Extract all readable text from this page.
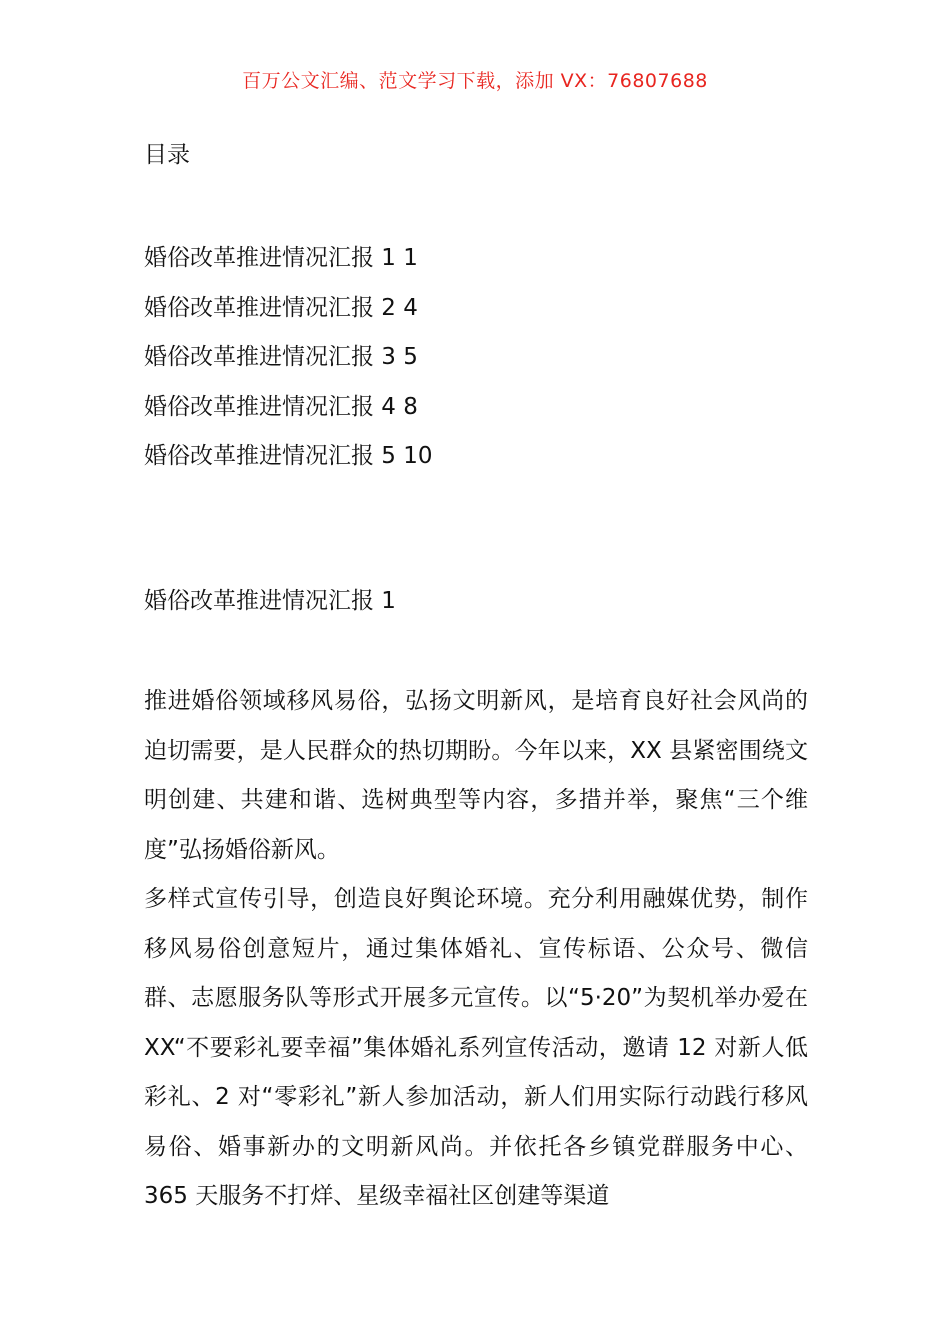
百万公文汇编、范文学习下载，添加 VX：76807688
目录
婚俗改革推进情况汇报 1 1
婚俗改革推进情况汇报 2 4
婚俗改革推进情况汇报 3 5
婚俗改革推进情况汇报 4 8
婚俗改革推进情况汇报 5 10
婚俗改革推进情况汇报 1

推进婚俗领域移风易俗，弘扬文明新风，是培育良好社会风尚的迫切需要，是人民群众的热切期盼。今年以来，XX 县紧密围绕文明创建、共建和谐、选树典型等内容，多措并举，聚焦“三个维度”弘扬婚俗新风。

多样式宣传引导，创造良好舆论环境。充分利用融媒优势，制作移风易俗创意短片，通过集体婚礼、宣传标语、公众号、微信群、志愿服务队等形式开展多元宣传。以“5·20”为契机举办爱在 XX“不要彩礼要幸福”集体婚礼系列宣传活动，邀请 12 对新人低彩礼、2 对“零彩礼”新人参加活动，新人们用实际行动践行移风易俗、婚事新办的文明新风尚。并依托各乡镇党群服务中心、365 天服务不打烊、星级幸福社区创建等渠道
